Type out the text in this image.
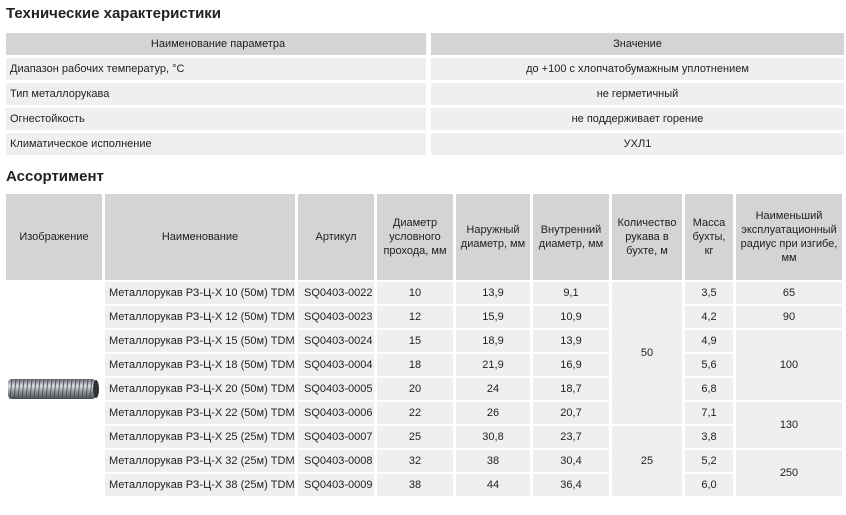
Технические характеристики
Наименование параметра		Значение
Диапазон рабочих температур, °C		до +100 с хлопчатобумажным уплотнением
Тип металлорукава		не герметичный
Огнестойкость		не поддерживает горение
Климатическое исполнение		УХЛ1
Ассортимент
Изображение	Наименование	Артикул	Диаметр условного прохода, мм	Наружный диаметр, мм	Внутренний диаметр, мм	Количество рукава в бухте, м	Масса бухты, кг	Наименьший эксплуатационный радиус при изгибе, мм

	Металлорукав РЗ-Ц-Х 10 (50м) TDM	SQ0403-0022	10	13,9	9,1	50	3,5	65
	Металлорукав РЗ-Ц-Х 12 (50м) TDM	SQ0403-0023	12	15,9	10,9		4,2	90
	Металлорукав РЗ-Ц-Х 15 (50м) TDM	SQ0403-0024	15	18,9	13,9		4,9	100
	Металлорукав РЗ-Ц-Х 18 (50м) TDM	SQ0403-0004	18	21,9	16,9		5,6	
	Металлорукав РЗ-Ц-Х 20 (50м) TDM	SQ0403-0005	20	24	18,7		6,8	
	Металлорукав РЗ-Ц-Х 22 (50м) TDM	SQ0403-0006	22	26	20,7		7,1	130
	Металлорукав РЗ-Ц-Х 25 (25м) TDM	SQ0403-0007	25	30,8	23,7	25	3,8	
	Металлорукав РЗ-Ц-Х 32 (25м) TDM	SQ0403-0008	32	38	30,4		5,2	250
	Металлорукав РЗ-Ц-Х 38 (25м) TDM	SQ0403-0009	38	44	36,4		6,0	
